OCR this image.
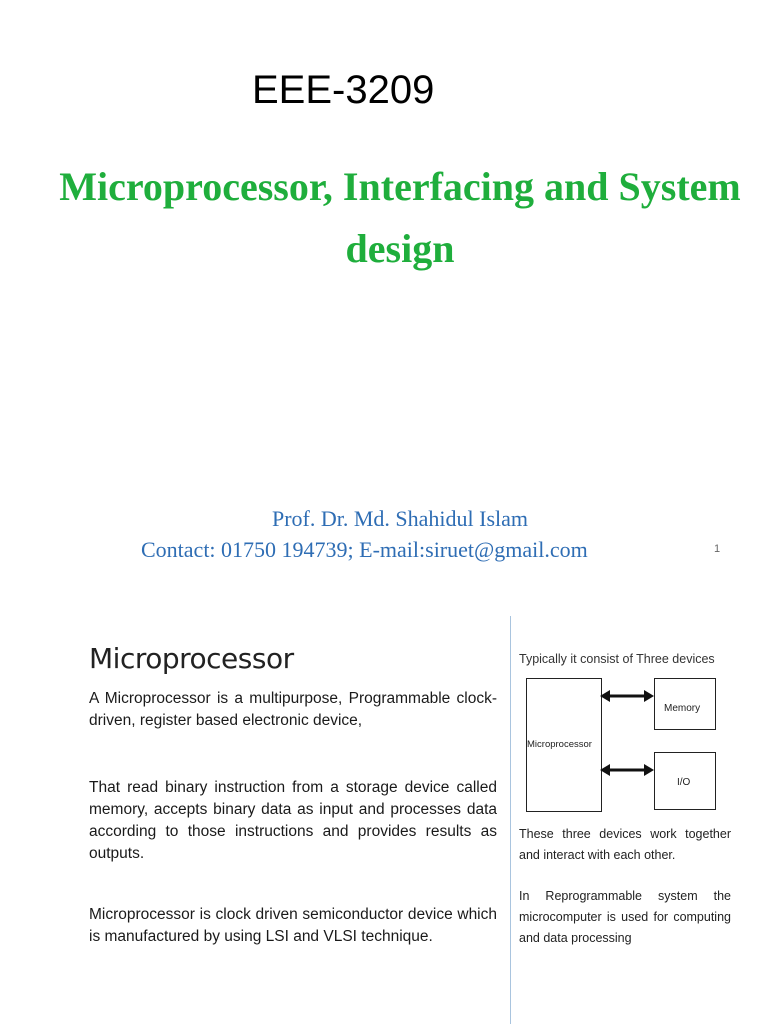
EEE-3209
Microprocessor, Interfacing and System design
Prof. Dr. Md. Shahidul Islam
Contact: 01750 194739; E-mail:siruet@gmail.com	1
Microprocessor
A Microprocessor is a multipurpose, Programmable clock-driven, register based electronic device,
That read binary instruction from a storage device called memory, accepts binary data as input and processes data according to those instructions and provides results as outputs.
Microprocessor is clock driven semiconductor device which is manufactured by using LSI and VLSI technique.
Typically it consist of Three devices
Microprocessor
Memory
I/O
These three devices work together and interact with each other.
In Reprogrammable system the microcomputer is used for computing and data processing
